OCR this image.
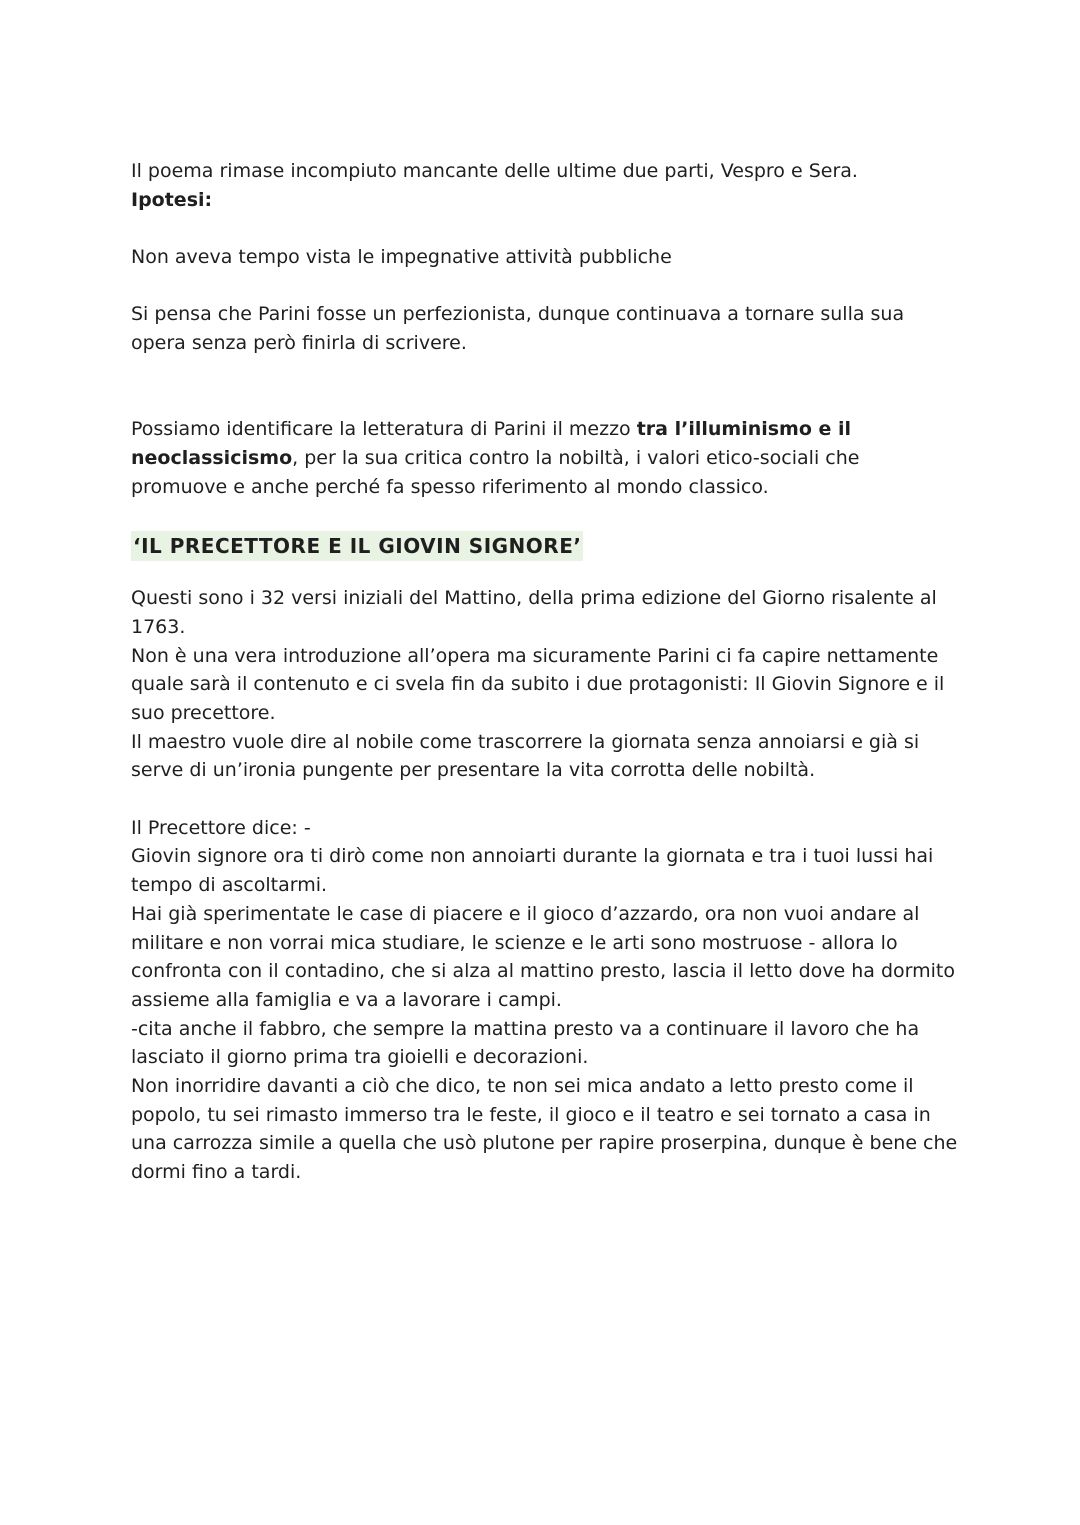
Il poema rimase incompiuto mancante delle ultime due parti, Vespro e Sera.

Ipotesi:

Non aveva tempo vista le impegnative attività pubbliche

Si pensa che Parini fosse un perfezionista, dunque continuava a tornare sulla sua opera senza però finirla di scrivere.

Possiamo identificare la letteratura di Parini il mezzo tra l’illuminismo e il neoclassicismo, per la sua critica contro la nobiltà, i valori etico-sociali che promuove e anche perché fa spesso riferimento al mondo classico.

‘IL PRECETTORE E IL GIOVIN SIGNORE’

Questi sono i 32 versi iniziali del Mattino, della prima edizione del Giorno risalente al 1763.

Non è una vera introduzione all’opera ma sicuramente Parini ci fa capire nettamente quale sarà il contenuto e ci svela fin da subito i due protagonisti: Il Giovin Signore e il suo precettore.

Il maestro vuole dire al nobile come trascorrere la giornata senza annoiarsi e già si serve di un’ironia pungente per presentare la vita corrotta delle nobiltà.

Il Precettore dice: -

Giovin signore ora ti dirò come non annoiarti durante la giornata e tra i tuoi lussi hai tempo di ascoltarmi.

Hai già sperimentate le case di piacere e il gioco d’azzardo, ora non vuoi andare al militare e non vorrai mica studiare, le scienze e le arti sono mostruose - allora lo confronta con il contadino, che si alza al mattino presto, lascia il letto dove ha dormito assieme alla famiglia e va a lavorare i campi.

-cita anche il fabbro, che sempre la mattina presto va a continuare il lavoro che ha lasciato il giorno prima tra gioielli e decorazioni.

Non inorridire davanti a ciò che dico, te non sei mica andato a letto presto come il popolo, tu sei rimasto immerso tra le feste, il gioco e il teatro e sei tornato a casa in una carrozza simile a quella che usò plutone per rapire proserpina, dunque è bene che dormi fino a tardi.
